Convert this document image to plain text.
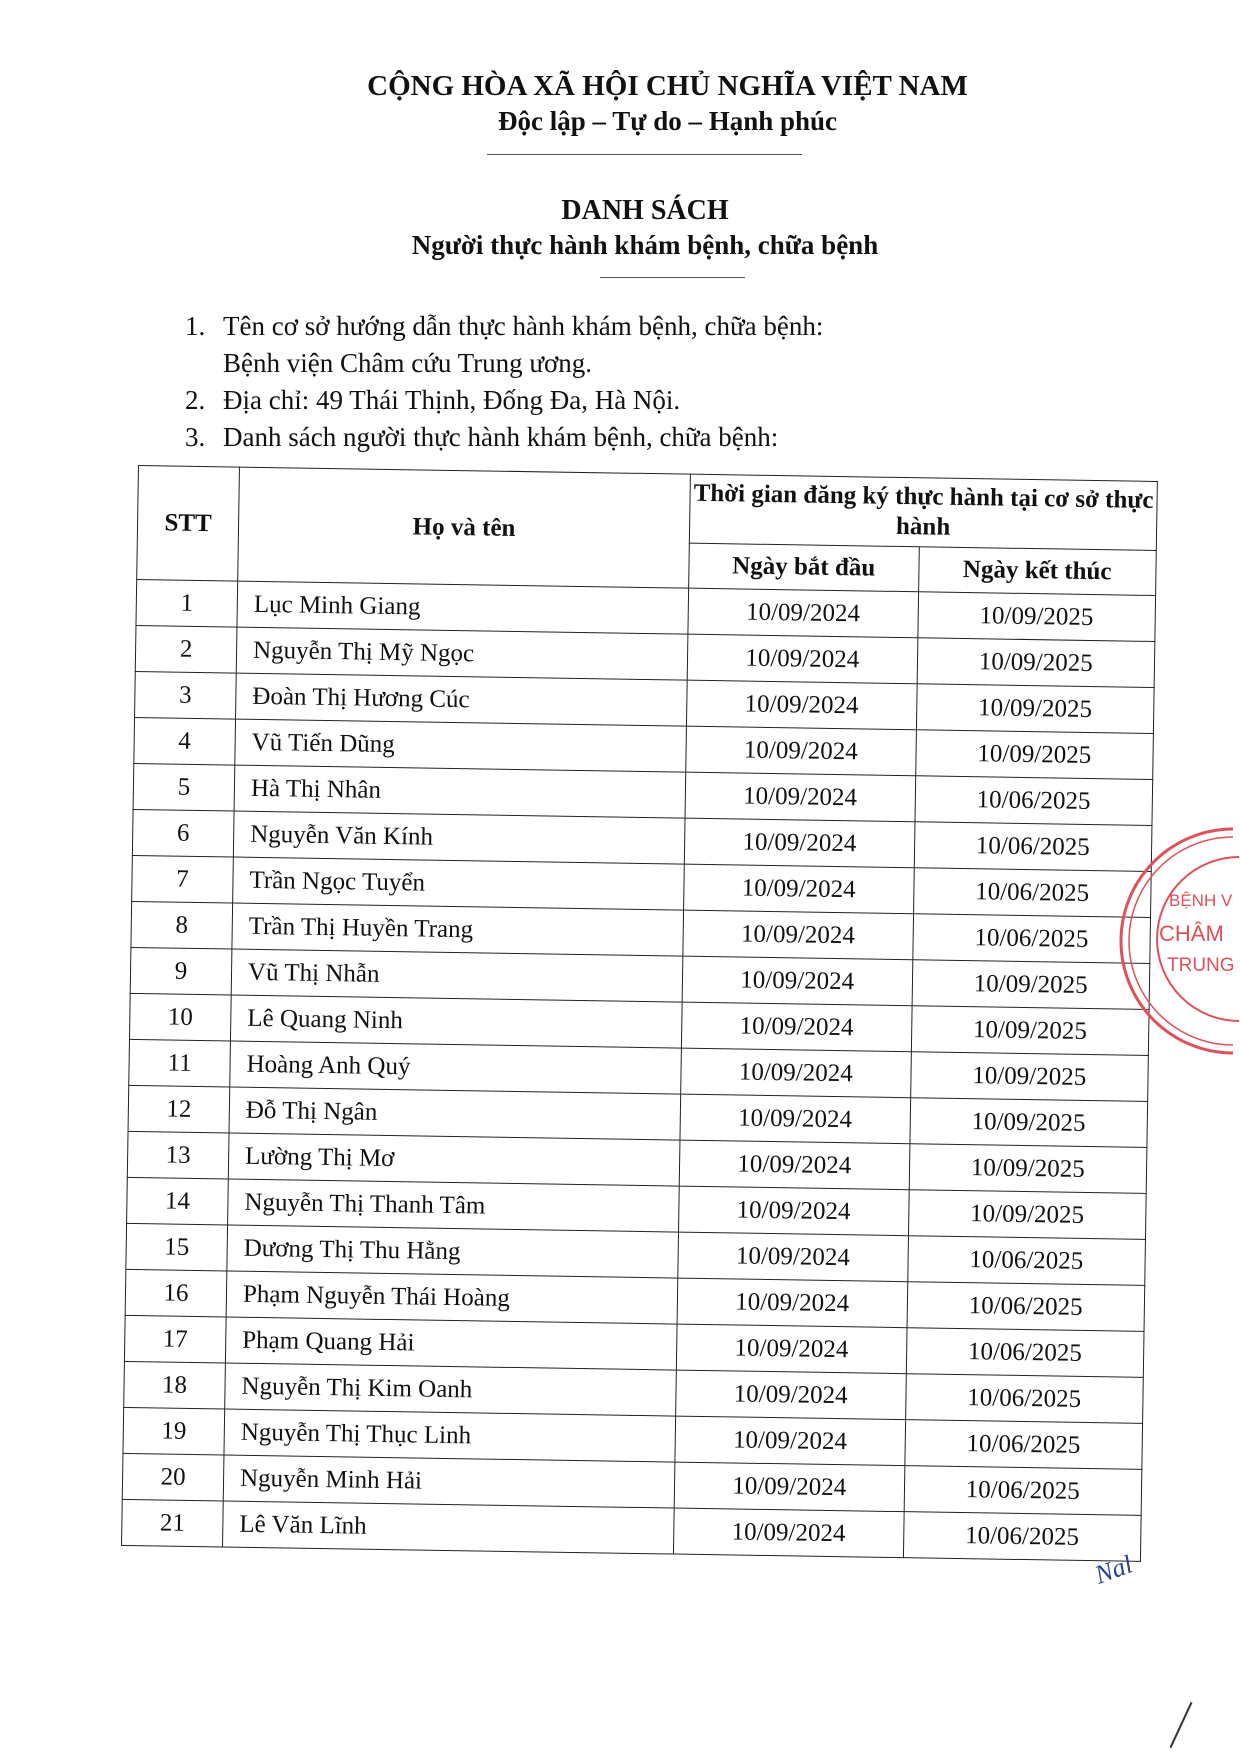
CỘNG HÒA XÃ HỘI CHỦ NGHĨA VIỆT NAM
Độc lập – Tự do – Hạnh phúc
DANH SÁCH
Người thực hành khám bệnh, chữa bệnh
1. Tên cơ sở hướng dẫn thực hành khám bệnh, chữa bệnh:
Bệnh viện Châm cứu Trung ương.
2. Địa chỉ: 49 Thái Thịnh, Đống Đa, Hà Nội.
3. Danh sách người thực hành khám bệnh, chữa bệnh:
STT	Họ và tên	Thời gian đăng ký thực hành tại cơ sở thực hành	
		Ngày bắt đầu	Ngày kết thúc
1	Lục Minh Giang	10/09/2024	10/09/2025
2	Nguyễn Thị Mỹ Ngọc	10/09/2024	10/09/2025
3	Đoàn Thị Hương Cúc	10/09/2024	10/09/2025
4	Vũ Tiến Dũng	10/09/2024	10/09/2025
5	Hà Thị Nhân	10/09/2024	10/06/2025
6	Nguyễn Văn Kính	10/09/2024	10/06/2025
7	Trần Ngọc Tuyển	10/09/2024	10/06/2025
8	Trần Thị Huyền Trang	10/09/2024	10/06/2025
9	Vũ Thị Nhẫn	10/09/2024	10/09/2025
10	Lê Quang Ninh	10/09/2024	10/09/2025
11	Hoàng Anh Quý	10/09/2024	10/09/2025
12	Đỗ Thị Ngân	10/09/2024	10/09/2025
13	Lường Thị Mơ	10/09/2024	10/09/2025
14	Nguyễn Thị Thanh Tâm	10/09/2024	10/09/2025
15	Dương Thị Thu Hằng	10/09/2024	10/06/2025
16	Phạm Nguyễn Thái Hoàng	10/09/2024	10/06/2025
17	Phạm Quang Hải	10/09/2024	10/06/2025
18	Nguyễn Thị Kim Oanh	10/09/2024	10/06/2025
19	Nguyễn Thị Thục Linh	10/09/2024	10/06/2025
20	Nguyễn Minh Hải	10/09/2024	10/06/2025
21	Lê Văn Lĩnh	10/09/2024	10/06/2025
BỆNH V
CHÂM
TRUNG
Nal
